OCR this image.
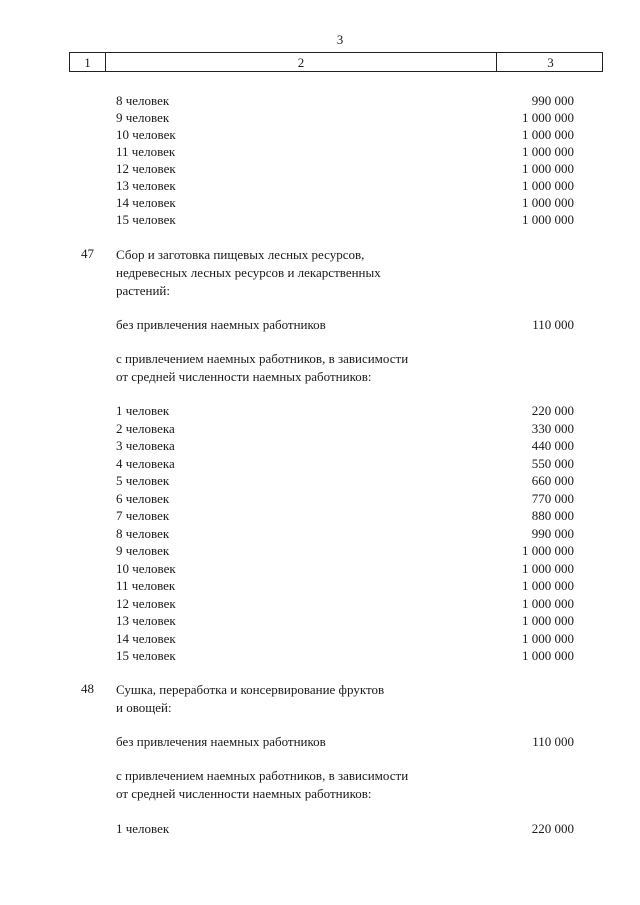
3
1	2	3
8 человек	990 000
9 человек	1 000 000
10 человек	1 000 000
11 человек	1 000 000
12 человек	1 000 000
13 человек	1 000 000
14 человек	1 000 000
15 человек	1 000 000
47 Сбор и заготовка пищевых лесных ресурсов,
недревесных лесных ресурсов и лекарственных
растений:
без привлечения наемных работников	110 000
с привлечением наемных работников, в зависимости
от средней численности наемных работников:
1 человек	220 000
2 человека	330 000
3 человека	440 000
4 человека	550 000
5 человек	660 000
6 человек	770 000
7 человек	880 000
8 человек	990 000
9 человек	1 000 000
10 человек	1 000 000
11 человек	1 000 000
12 человек	1 000 000
13 человек	1 000 000
14 человек	1 000 000
15 человек	1 000 000
48 Сушка, переработка и консервирование фруктов
и овощей:
без привлечения наемных работников	110 000
с привлечением наемных работников, в зависимости
от средней численности наемных работников:
1 человек	220 000
